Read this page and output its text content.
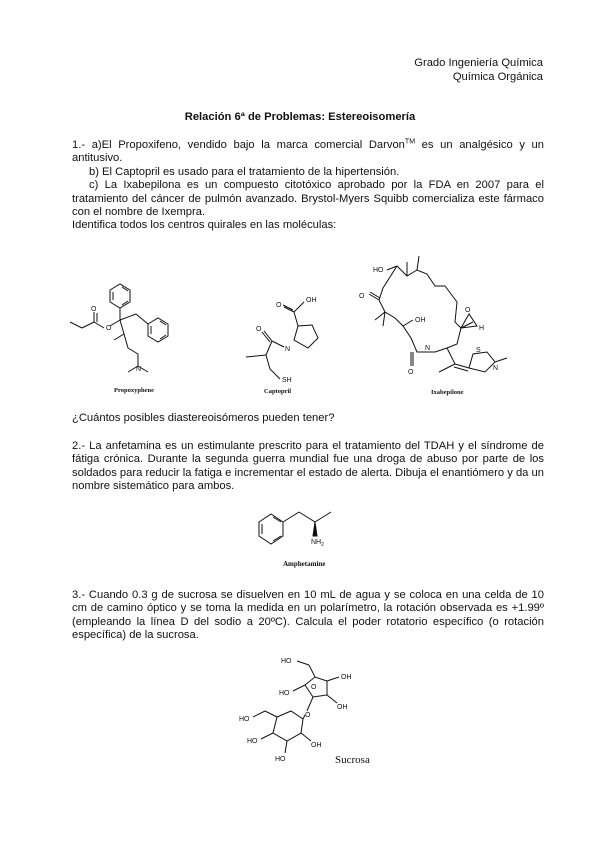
Grado Ingeniería Química
Química Orgánica
Relación 6ª de Problemas: Estereoisomería

1.- a)El Propoxifeno, vendido bajo la marca comercial Darvon™ es un analgésico y un antitusivo.

b) El Captopril es usado para el tratamiento de la hipertensión.

c) La Ixabepilona es un compuesto citotóxico aprobado por la FDA en 2007 para el tratamiento del cáncer de pulmón avanzado. Brystol-Myers Squibb comercializa este fármaco con el nombre de Ixempra.

Identifica todos los centros quirales en las moléculas:

N
O
O
Propoxyphene
N
OH
O
O
SH
Captopril
HO
O
OH
O
H
N
O
S
N
Ixabepilone
¿Cuántos posibles diastereoisómeros pueden tener?
2.- La anfetamina es un estimulante prescrito para el tratamiento del TDAH y el síndrome de fátiga crónica. Durante la segunda guerra mundial fue una droga de abuso por parte de los soldados para reducir la fatiga e incrementar el estado de alerta. Dibuja el enantiómero y da un nombre sistemático para ambos.
$NH_2$
Amphetamine
3.- Cuando 0.3 g de sucrosa se disuelven en 10 mL de agua y se coloca en una celda de 10 cm de camino óptico y se toma la medida en un polarímetro, la rotación observada es +1.99º (empleando la línea D del sodio a 20ºC). Calcula el poder rotatorio específico (o rotación específica) de la sucrosa.
O
HO
OH
OH
HO
O
HO
HO
HO
OH
Sucrosa
